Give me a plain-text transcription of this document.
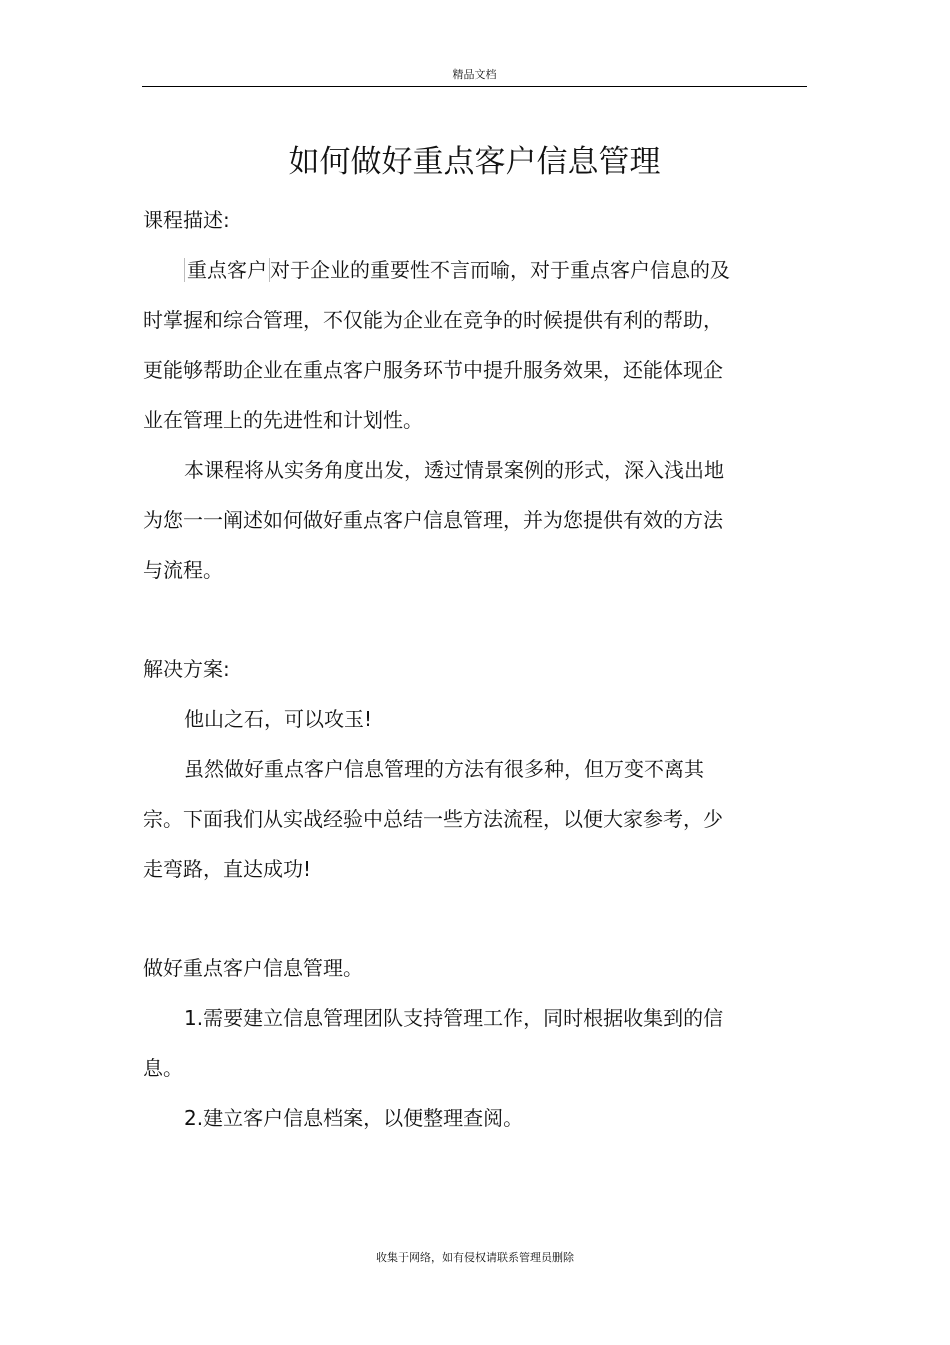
精品文档
如何做好重点客户信息管理

课程描述:

重点客户 对于企业的重要性不言而喻，对于重点客户信息的及

时掌握和综合管理，不仅能为企业在竞争的时候提供有利的帮助，

更能够帮助企业在重点客户服务环节中提升服务效果，还能体现企

业在管理上的先进性和计划性。

本课程将从实务角度出发，透过情景案例的形式，深入浅出地

为您一一阐述如何做好重点客户信息管理，并为您提供有效的方法

与流程。

解决方案:

他山之石，可以攻玉!

虽然做好重点客户信息管理的方法有很多种，但万变不离其

宗。下面我们从实战经验中总结一些方法流程，以便大家参考，少

走弯路，直达成功!

做好重点客户信息管理。

1.需要建立信息管理团队支持管理工作，同时根据收集到的信

息。

2.建立客户信息档案，以便整理查阅。

收集于网络，如有侵权请联系管理员删除
